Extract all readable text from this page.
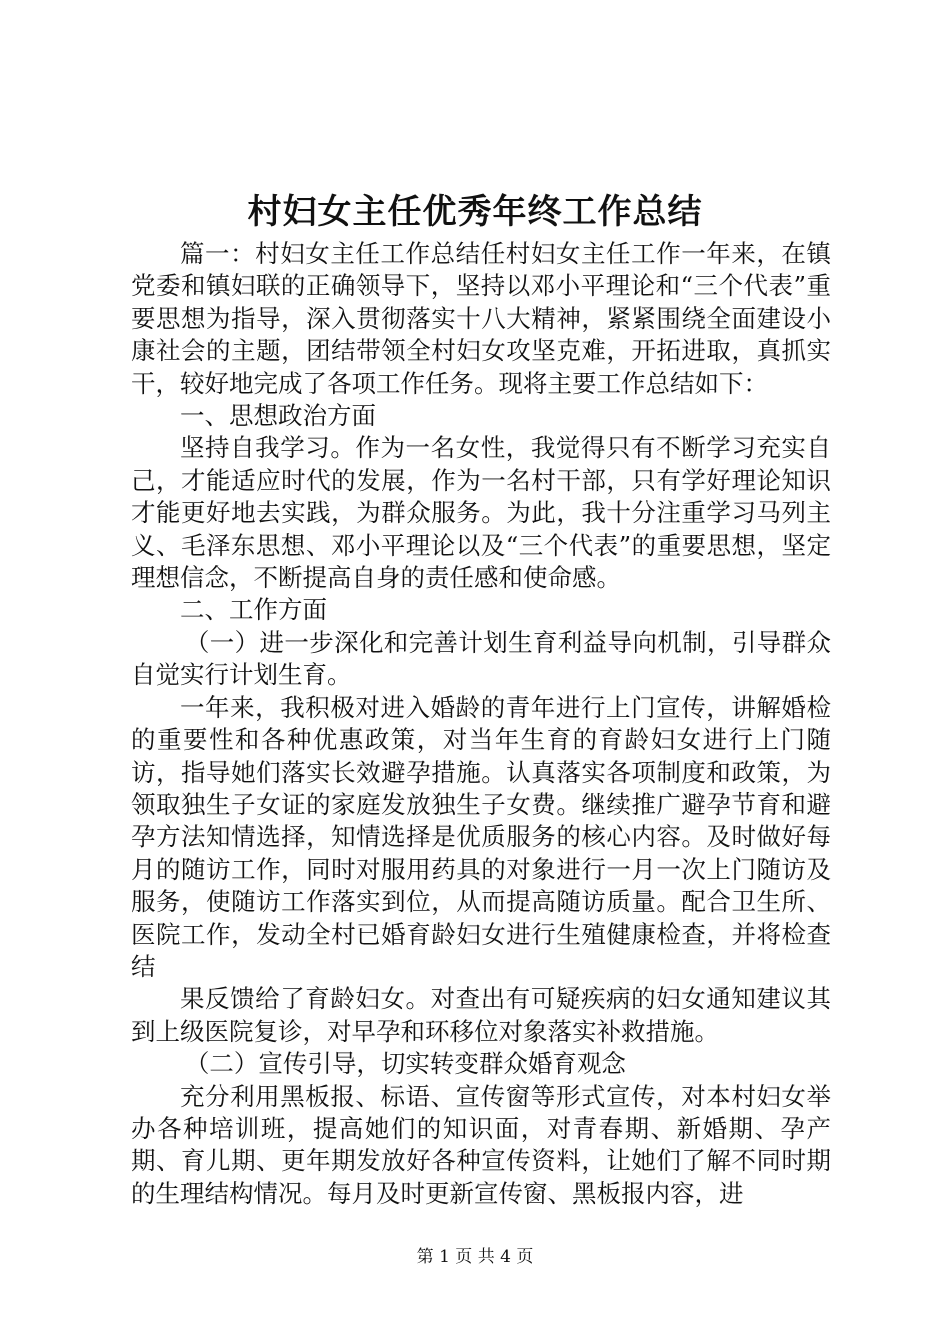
村妇女主任优秀年终工作总结

篇一：村妇女主任工作总结任村妇女主任工作一年来，在镇党委和镇妇联的正确领导下，坚持以邓小平理论和“三个代表”重要思想为指导，深入贯彻落实十八大精神，紧紧围绕全面建设小康社会的主题，团结带领全村妇女攻坚克难，开拓进取，真抓实干，较好地完成了各项工作任务。现将主要工作总结如下：

一、思想政治方面

坚持自我学习。作为一名女性，我觉得只有不断学习充实自己，才能适应时代的发展，作为一名村干部，只有学好理论知识才能更好地去实践，为群众服务。为此，我十分注重学习马列主义、毛泽东思想、邓小平理论以及“三个代表”的重要思想，坚定理想信念，不断提高自身的责任感和使命感。

二、工作方面

（一）进一步深化和完善计划生育利益导向机制，引导群众自觉实行计划生育。

一年来，我积极对进入婚龄的青年进行上门宣传，讲解婚检的重要性和各种优惠政策，对当年生育的育龄妇女进行上门随访，指导她们落实长效避孕措施。认真落实各项制度和政策，为领取独生子女证的家庭发放独生子女费。继续推广避孕节育和避孕方法知情选择，知情选择是优质服务的核心内容。及时做好每月的随访工作，同时对服用药具的对象进行一月一次上门随访及服务，使随访工作落实到位，从而提高随访质量。配合卫生所、医院工作，发动全村已婚育龄妇女进行生殖健康检查，并将检查结

果反馈给了育龄妇女。对查出有可疑疾病的妇女通知建议其到上级医院复诊，对早孕和环移位对象落实补救措施。

（二）宣传引导，切实转变群众婚育观念

充分利用黑板报、标语、宣传窗等形式宣传，对本村妇女举办各种培训班，提高她们的知识面，对青春期、新婚期、孕产期、育儿期、更年期发放好各种宣传资料，让她们了解不同时期的生理结构情况。每月及时更新宣传窗、黑板报内容，进

第 1 页 共 4 页
